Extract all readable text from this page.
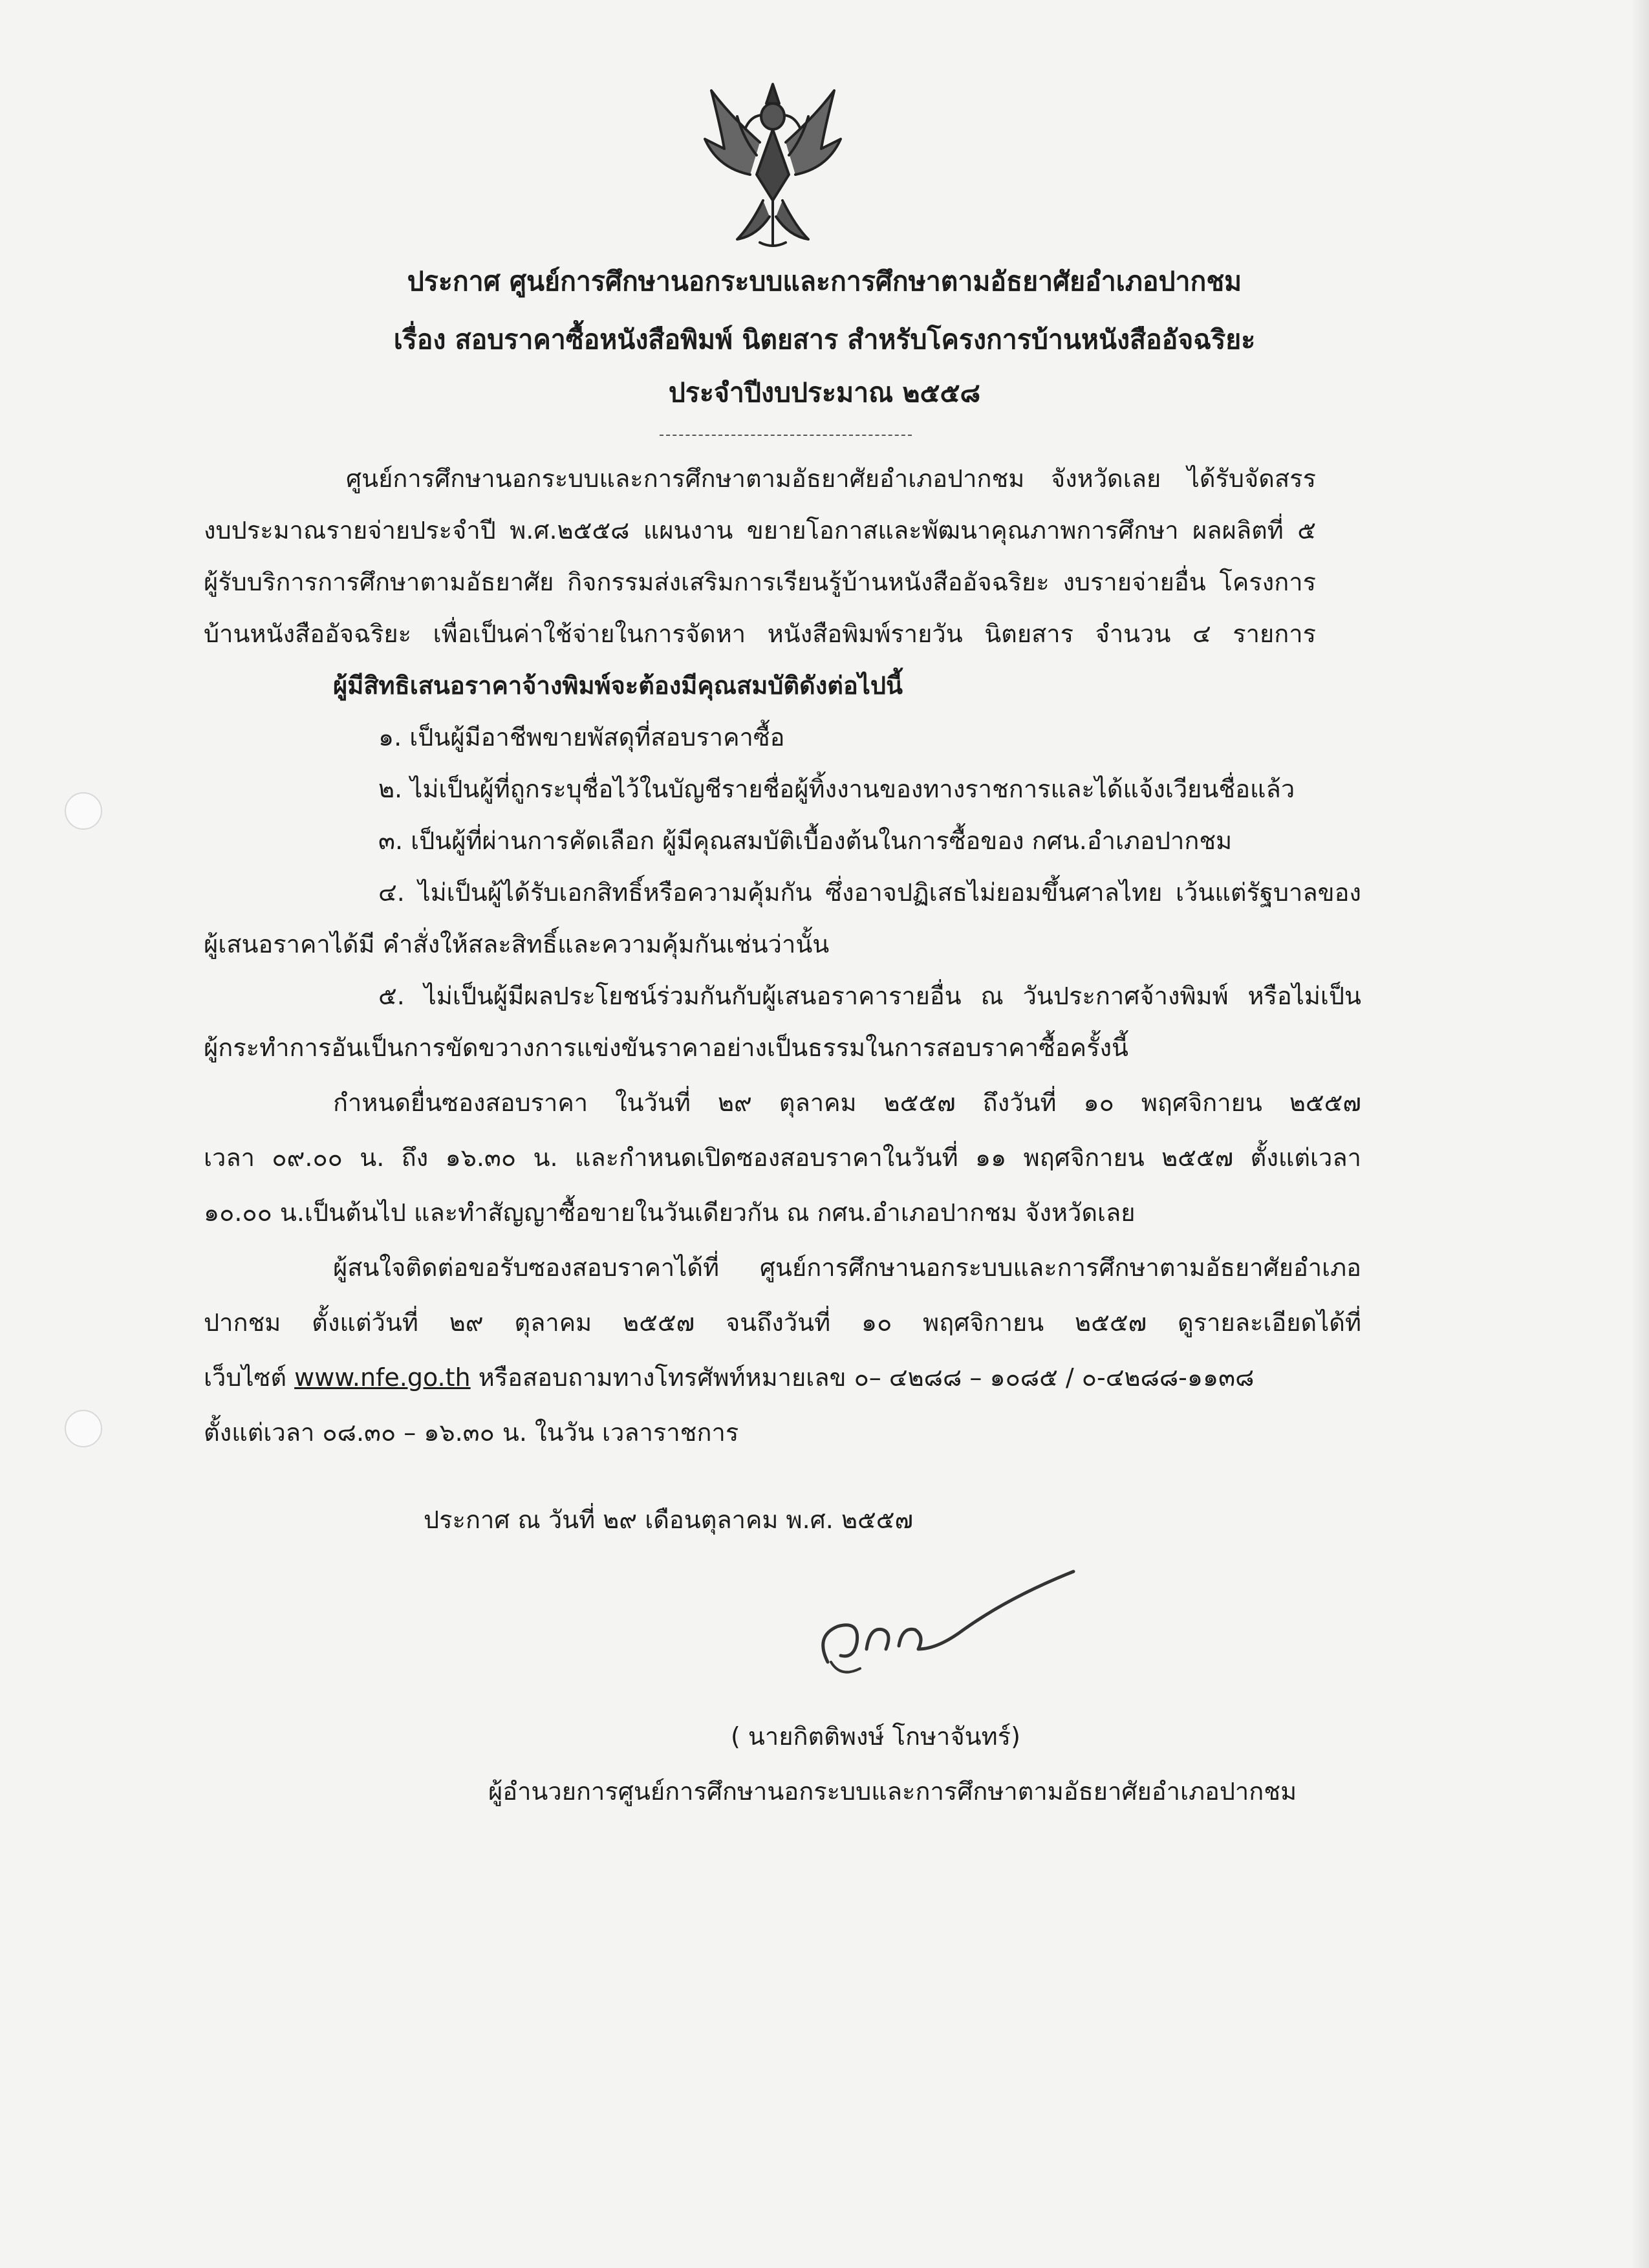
ประกาศ ศูนย์การศึกษานอกระบบและการศึกษาตามอัธยาศัยอำเภอปากชม
เรื่อง สอบราคาซื้อหนังสือพิมพ์ นิตยสาร สำหรับโครงการบ้านหนังสืออัจฉริยะ
ประจำปีงบประมาณ ๒๕๕๘
ศูนย์การศึกษานอกระบบและการศึกษาตามอัธยาศัยอำเภอปากชม จังหวัดเลย ได้รับจัดสรร
งบประมาณรายจ่ายประจำปี พ.ศ.๒๕๕๘ แผนงาน ขยายโอกาสและพัฒนาคุณภาพการศึกษา ผลผลิตที่ ๕
ผู้รับบริการการศึกษาตามอัธยาศัย กิจกรรมส่งเสริมการเรียนรู้บ้านหนังสืออัจฉริยะ งบรายจ่ายอื่น โครงการ
บ้านหนังสืออัจฉริยะ เพื่อเป็นค่าใช้จ่ายในการจัดหา หนังสือพิมพ์รายวัน นิตยสาร จำนวน ๔ รายการ
ผู้มีสิทธิเสนอราคาจ้างพิมพ์จะต้องมีคุณสมบัติดังต่อไปนี้
๑. เป็นผู้มีอาชีพขายพัสดุที่สอบราคาซื้อ
๒. ไม่เป็นผู้ที่ถูกระบุชื่อไว้ในบัญชีรายชื่อผู้ทิ้งงานของทางราชการและได้แจ้งเวียนชื่อแล้ว
๓. เป็นผู้ที่ผ่านการคัดเลือก ผู้มีคุณสมบัติเบื้องต้นในการซื้อของ กศน.อำเภอปากชม
๔. ไม่เป็นผู้ได้รับเอกสิทธิ์หรือความคุ้มกัน ซึ่งอาจปฏิเสธไม่ยอมขึ้นศาลไทย เว้นแต่รัฐบาลของ
ผู้เสนอราคาได้มี คำสั่งให้สละสิทธิ์และความคุ้มกันเช่นว่านั้น
๕. ไม่เป็นผู้มีผลประโยชน์ร่วมกันกับผู้เสนอราคารายอื่น ณ วันประกาศจ้างพิมพ์ หรือไม่เป็น
ผู้กระทำการอันเป็นการขัดขวางการแข่งขันราคาอย่างเป็นธรรมในการสอบราคาซื้อครั้งนี้
กำหนดยื่นซองสอบราคา ในวันที่ ๒๙ ตุลาคม ๒๕๕๗ ถึงวันที่ ๑๐ พฤศจิกายน ๒๕๕๗
เวลา ๐๙.๐๐ น. ถึง ๑๖.๓๐ น. และกำหนดเปิดซองสอบราคาในวันที่ ๑๑ พฤศจิกายน ๒๕๕๗ ตั้งแต่เวลา
๑๐.๐๐ น.เป็นต้นไป และทำสัญญาซื้อขายในวันเดียวกัน ณ กศน.อำเภอปากชม จังหวัดเลย
ผู้สนใจติดต่อขอรับซองสอบราคาได้ที่ ศูนย์การศึกษานอกระบบและการศึกษาตามอัธยาศัยอำเภอ
ปากชม ตั้งแต่วันที่ ๒๙ ตุลาคม ๒๕๕๗ จนถึงวันที่ ๑๐ พฤศจิกายน ๒๕๕๗ ดูรายละเอียดได้ที่
เว็บไซต์ www.nfe.go.th หรือสอบถามทางโทรศัพท์หมายเลข ๐– ๔๒๘๘ – ๑๐๘๕ / ๐-๔๒๘๘-๑๑๓๘
ตั้งแต่เวลา ๐๘.๓๐ – ๑๖.๓๐ น. ในวัน เวลาราชการ
ประกาศ ณ วันที่ ๒๙ เดือนตุลาคม พ.ศ. ๒๕๕๗
( นายกิตติพงษ์ โกษาจันทร์)
ผู้อำนวยการศูนย์การศึกษานอกระบบและการศึกษาตามอัธยาศัยอำเภอปากชม
